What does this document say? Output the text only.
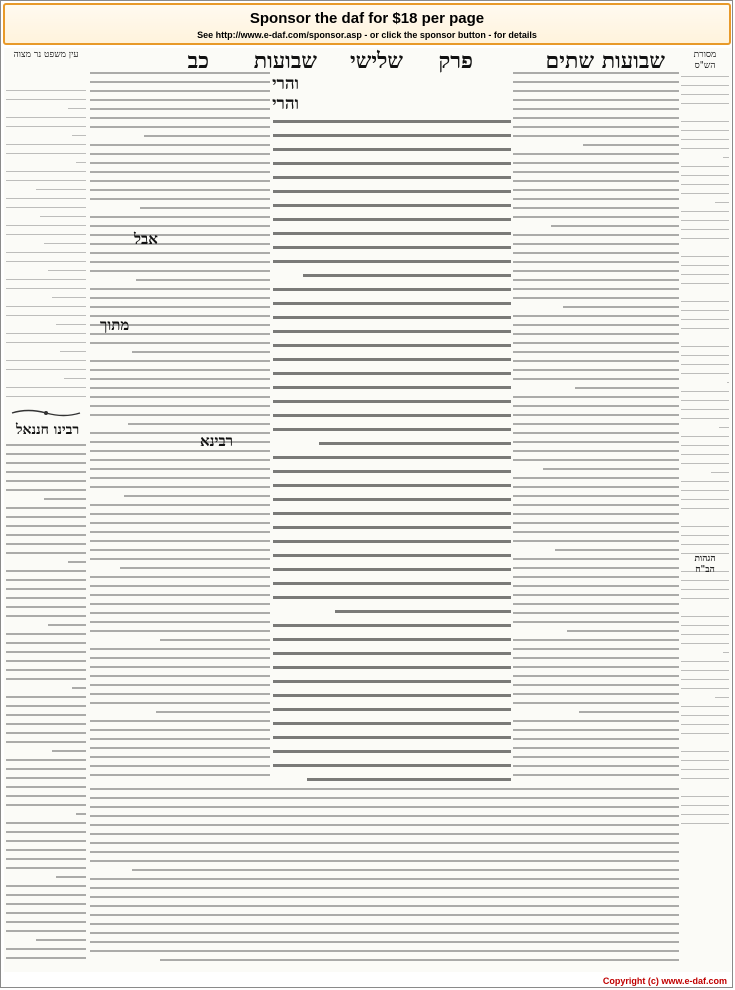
Sponsor the daf for $18 per page
See http://www.e-daf.com/sponsor.asp - or click the sponsor button - for details
מסורת הש"ס
שבועות שתים
פרק
שלישי
שבועות
כב
עין משפט נר מצוה
הגהות הב"ח
והרי
והרי
אבל
מתוך
רבינא
רבינו חננאל
Copyright (c) www.e-daf.com
